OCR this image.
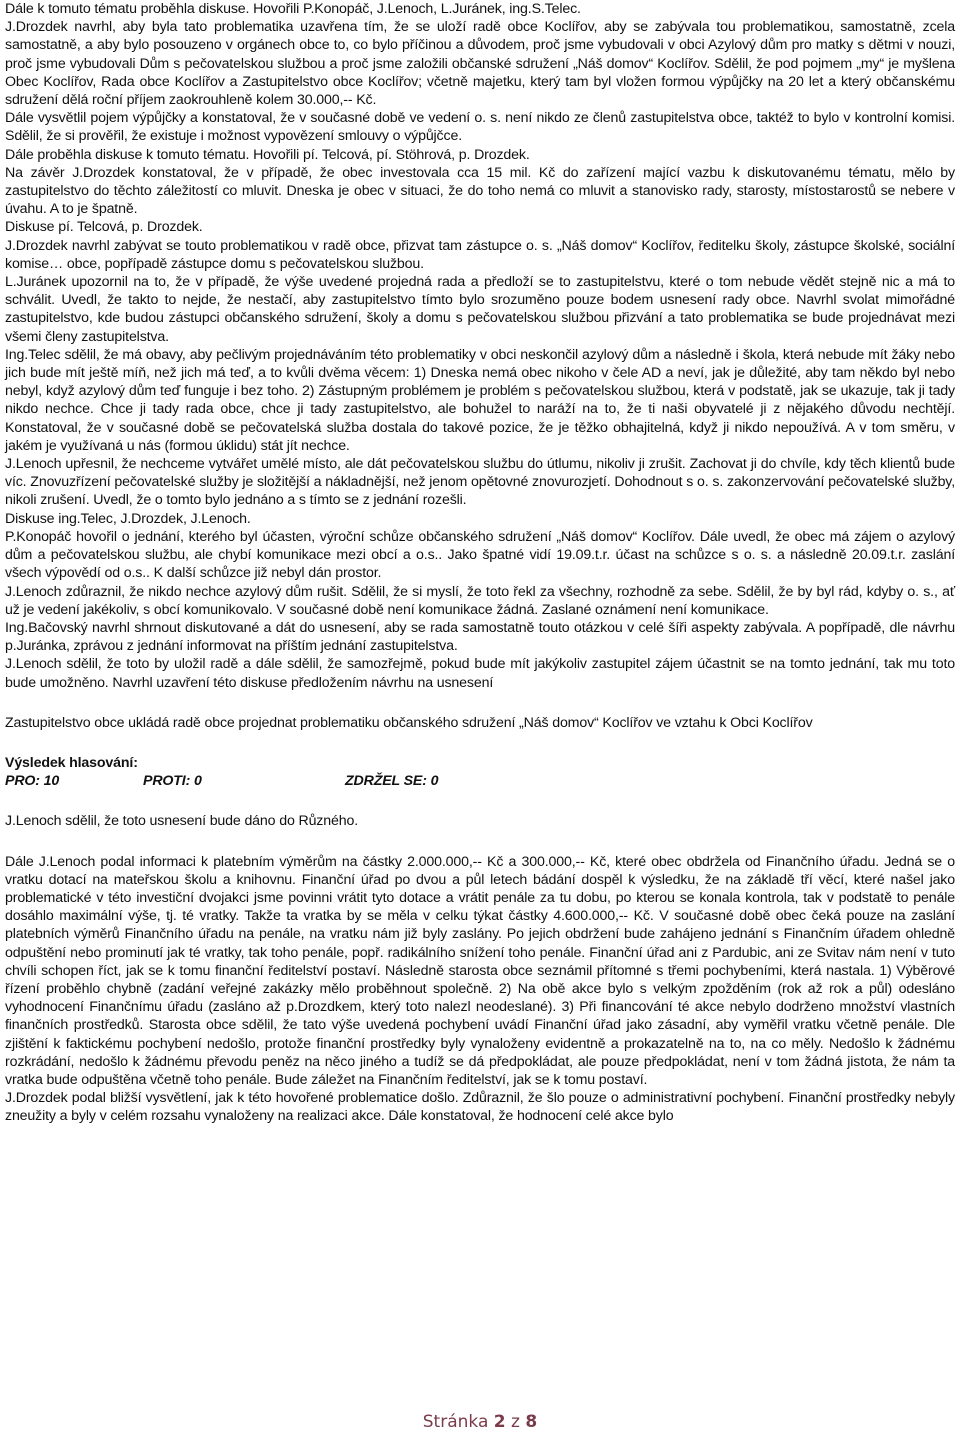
Dále k tomuto tématu proběhla diskuse. Hovořili P.Konopáč, J.Lenoch, L.Juránek, ing.S.Telec.

J.Drozdek navrhl, aby byla tato problematika uzavřena tím, že se uloží radě obce Koclířov, aby se zabývala tou problematikou, samostatně, zcela samostatně, a aby bylo posouzeno v orgánech obce to, co bylo příčinou a důvodem, proč jsme vybudovali v obci Azylový dům pro matky s dětmi v nouzi, proč jsme vybudovali Dům s pečovatelskou službou a proč jsme založili občanské sdružení „Náš domov“ Koclířov. Sdělil, že pod pojmem „my“ je myšlena Obec Koclířov, Rada obce Koclířov a Zastupitelstvo obce Koclířov; včetně majetku, který tam byl vložen formou výpůjčky na 20 let a který občanskému sdružení dělá roční příjem zaokrouhleně kolem 30.000,-- Kč.

Dále vysvětlil pojem výpůjčky a konstatoval, že v současné době ve vedení o. s. není nikdo ze členů zastupitelstva obce, taktéž to bylo v kontrolní komisi. Sdělil, že si prověřil, že existuje i možnost vypovězení smlouvy o výpůjčce.

Dále proběhla diskuse k tomuto tématu. Hovořili pí. Telcová, pí. Stöhrová, p. Drozdek.

Na závěr J.Drozdek konstatoval, že v případě, že obec investovala cca 15 mil. Kč do zařízení mající vazbu k diskutovanému tématu, mělo by zastupitelstvo do těchto záležitostí co mluvit. Dneska je obec v situaci, že do toho nemá co mluvit a stanovisko rady, starosty, místostarostů se nebere v úvahu. A to je špatně.

Diskuse pí. Telcová, p. Drozdek.

J.Drozdek navrhl zabývat se touto problematikou v radě obce, přizvat tam zástupce o. s. „Náš domov“ Koclířov, ředitelku školy, zástupce školské, sociální komise… obce, popřípadě zástupce domu s pečovatelskou službou.

L.Juránek upozornil na to, že v případě, že výše uvedené projedná rada a předloží se to zastupitelstvu, které o tom nebude vědět stejně nic a má to schválit. Uvedl, že takto to nejde, že nestačí, aby zastupitelstvo tímto bylo srozuměno pouze bodem usnesení rady obce. Navrhl svolat mimořádné zastupitelstvo, kde budou zástupci občanského sdružení, školy a domu s pečovatelskou službou přizvání a tato problematika se bude projednávat mezi všemi členy zastupitelstva.

Ing.Telec sdělil, že má obavy, aby pečlivým projednáváním této problematiky v obci neskončil azylový dům a následně i škola, která nebude mít žáky nebo jich bude mít ještě míň, než jich má teď, a to kvůli dvěma věcem: 1) Dneska nemá obec nikoho v čele AD a neví, jak je důležité, aby tam někdo byl nebo nebyl, když azylový dům teď funguje i bez toho. 2) Zástupným problémem je problém s pečovatelskou službou, která v podstatě, jak se ukazuje, tak ji tady nikdo nechce. Chce ji tady rada obce, chce ji tady zastupitelstvo, ale bohužel to naráží na to, že ti naši obyvatelé ji z nějakého důvodu nechtějí. Konstatoval, že v současné době se pečovatelská služba dostala do takové pozice, že je těžko obhajitelná, když ji nikdo nepoužívá. A v tom směru, v jakém je využívaná u nás (formou úklidu) stát jít nechce.

J.Lenoch upřesnil, že nechceme vytvářet umělé místo, ale dát pečovatelskou službu do útlumu, nikoliv ji zrušit. Zachovat ji do chvíle, kdy těch klientů bude víc. Znovuzřízení pečovatelské služby je složitější a nákladnější, než jenom opětovné znovurozjetí. Dohodnout s o. s. zakonzervování pečovatelské služby, nikoli zrušení. Uvedl, že o tomto bylo jednáno a s tímto se z jednání rozešli.

Diskuse ing.Telec, J.Drozdek, J.Lenoch.

P.Konopáč hovořil o jednání, kterého byl účasten, výroční schůze občanského sdružení „Náš domov“ Koclířov. Dále uvedl, že obec má zájem o azylový dům a pečovatelskou službu, ale chybí komunikace mezi obcí a o.s.. Jako špatné vidí 19.09.t.r. účast na schůzce s o. s. a následně 20.09.t.r. zaslání všech výpovědí od o.s.. K další schůzce již nebyl dán prostor.

J.Lenoch zdůraznil, že nikdo nechce azylový dům rušit. Sdělil, že si myslí, že toto řekl za všechny, rozhodně za sebe. Sdělil, že by byl rád, kdyby o. s., ať už je vedení jakékoliv, s obcí komunikovalo. V současné době není komunikace žádná. Zaslané oznámení není komunikace.

Ing.Bačovský navrhl shrnout diskutované a dát do usnesení, aby se rada samostatně touto otázkou v celé šíři aspekty zabývala. A popřípadě, dle návrhu p.Juránka, zprávou z jednání informovat na příštím jednání zastupitelstva.

J.Lenoch sdělil, že toto by uložil radě a dále sdělil, že samozřejmě, pokud bude mít jakýkoliv zastupitel zájem účastnit se na tomto jednání, tak mu toto bude umožněno. Navrhl uzavření této diskuse předložením návrhu na usnesení

Zastupitelstvo obce ukládá radě obce projednat problematiku občanského sdružení „Náš domov“ Koclířov ve vztahu k Obci Koclířov

Výsledek hlasování:

PRO: 10	PROTI: 0	ZDRŽEL SE: 0

J.Lenoch sdělil, že toto usnesení bude dáno do Různého.

Dále J.Lenoch podal informaci k platebním výměrům na částky 2.000.000,-- Kč a 300.000,-- Kč, které obec obdržela od Finančního úřadu. Jedná se o vratku dotací na mateřskou školu a knihovnu. Finanční úřad po dvou a půl letech bádání dospěl k výsledku, že na základě tří věcí, které našel jako problematické v této investiční dvojakci jsme povinni vrátit tyto dotace a vrátit penále za tu dobu, po kterou se konala kontrola, tak v podstatě to penále dosáhlo maximální výše, tj. té vratky. Takže ta vratka by se měla v celku týkat částky 4.600.000,-- Kč. V současné době obec čeká pouze na zaslání platebních výměrů Finančního úřadu na penále, na vratku nám již byly zaslány. Po jejich obdržení bude zahájeno jednání s Finančním úřadem ohledně odpuštění nebo prominutí jak té vratky, tak toho penále, popř. radikálního snížení toho penále. Finanční úřad ani z Pardubic, ani ze Svitav nám není v tuto chvíli schopen říct, jak se k tomu finanční ředitelství postaví. Následně starosta obce seznámil přítomné s třemi pochybeními, která nastala. 1) Výběrové řízení proběhlo chybně (zadání veřejné zakázky mělo proběhnout společně. 2) Na obě akce bylo s velkým zpožděním (rok až rok a půl) odesláno vyhodnocení Finančnímu úřadu (zasláno až p.Drozdkem, který toto nalezl neodeslané). 3) Při financování té akce nebylo dodrženo množství vlastních finančních prostředků. Starosta obce sdělil, že tato výše uvedená pochybení uvádí Finanční úřad jako zásadní, aby vyměřil vratku včetně penále. Dle zjištění k faktickému pochybení nedošlo, protože finanční prostředky byly vynaloženy evidentně a prokazatelně na to, na co měly. Nedošlo k žádnému rozkrádání, nedošlo k žádnému převodu peněz na něco jiného a tudíž se dá předpokládat, ale pouze předpokládat, není v tom žádná jistota, že nám ta vratka bude odpuštěna včetně toho penále. Bude záležet na Finančním ředitelství, jak se k tomu postaví.

J.Drozdek podal bližší vysvětlení, jak k této hovořené problematice došlo. Zdůraznil, že šlo pouze o administrativní pochybení. Finanční prostředky nebyly zneužity a byly v celém rozsahu vynaloženy na realizaci akce. Dále konstatoval, že hodnocení celé akce bylo

Stránka 2 z 8
